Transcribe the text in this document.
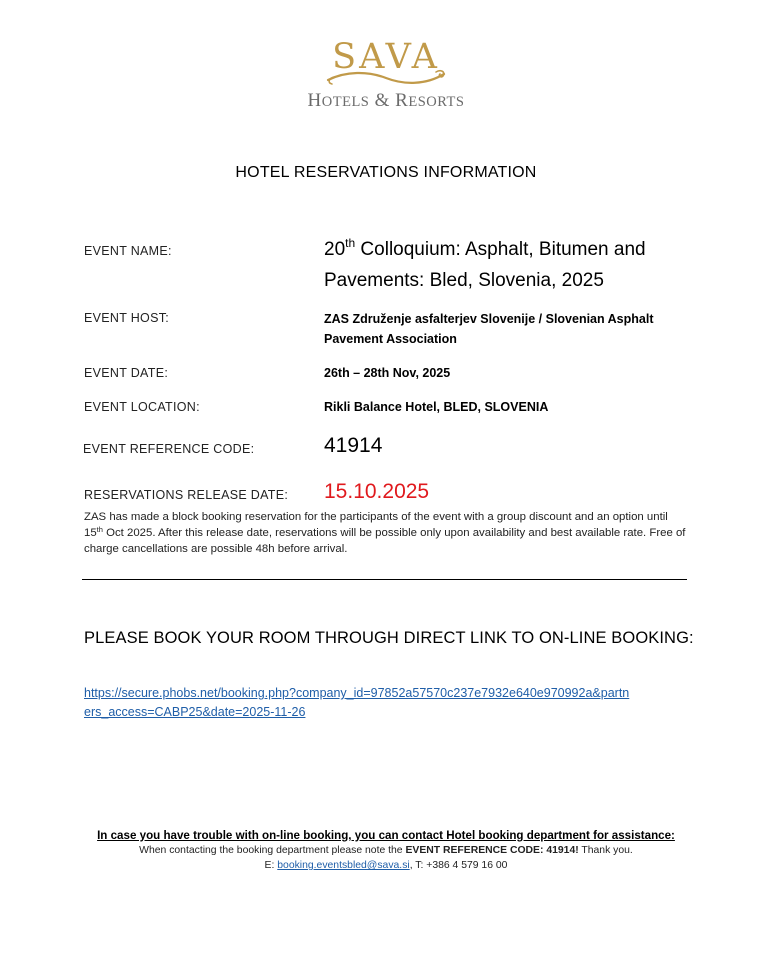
SAVA
HOTELS & RESORTS
HOTEL RESERVATIONS INFORMATION
EVENT NAME:	20th Colloquium: Asphalt, Bitumen and
Pavements: Bled, Slovenia, 2025
EVENT HOST:	ZAS Združenje asfalterjev Slovenije / Slovenian Asphalt
Pavement Association
EVENT DATE:	26th – 28th Nov, 2025
EVENT LOCATION:	Rikli Balance Hotel, BLED, SLOVENIA
EVENT REFERENCE CODE:	41914
RESERVATIONS RELEASE DATE: 15.10.2025
ZAS has made a block booking reservation for the participants of the event with a group discount and an option until 15th Oct 2025. After this release date, reservations will be possible only upon availability and best available rate. Free of charge cancellations are possible 48h before arrival.
PLEASE BOOK YOUR ROOM THROUGH DIRECT LINK TO ON-LINE BOOKING:
https://secure.phobs.net/booking.php?company_id=97852a57570c237e7932e640e970992a&partn
ers_access=CABP25&date=2025-11-26
In case you have trouble with on-line booking, you can contact Hotel booking department for assistance:
When contacting the booking department please note the EVENT REFERENCE CODE: 41914! Thank you.
E: booking.eventsbled@sava.si, T: +386 4 579 16 00
